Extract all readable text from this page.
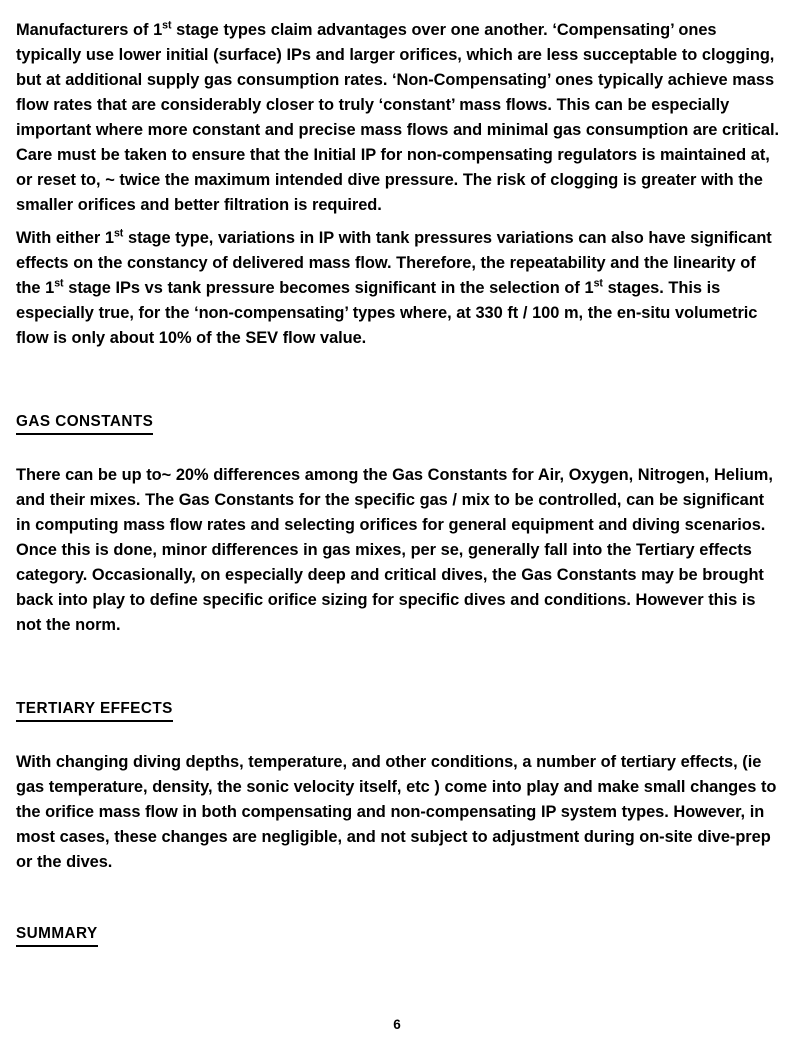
Manufacturers of 1st stage types claim advantages over one another. ‘Compensating’ ones typically use lower initial (surface) IPs and larger orifices, which are less succeptable to clogging, but at additional supply gas consumption rates. ‘Non-Compensating’ ones typically achieve mass flow rates that are considerably closer to truly ‘constant’ mass flows. This can be especially important where more constant and precise mass flows and minimal gas consumption are critical. Care must be taken to ensure that the Initial IP for non-compensating regulators is maintained at, or reset to, ~ twice the maximum intended dive pressure. The risk of clogging is greater with the smaller orifices and better filtration is required.

With either 1st stage type, variations in IP with tank pressures variations can also have significant effects on the constancy of delivered mass flow. Therefore, the repeatability and the linearity of the 1st stage IPs vs tank pressure becomes significant in the selection of 1st stages. This is especially true, for the ‘non-compensating’ types where, at 330 ft / 100 m, the en-situ volumetric flow is only about 10% of the SEV flow value.

GAS CONSTANTS

There can be up to~ 20% differences among the Gas Constants for Air, Oxygen, Nitrogen, Helium, and their mixes. The Gas Constants for the specific gas / mix to be controlled, can be significant in computing mass flow rates and selecting orifices for general equipment and diving scenarios. Once this is done, minor differences in gas mixes, per se, generally fall into the Tertiary effects category. Occasionally, on especially deep and critical dives, the Gas Constants may be brought back into play to define specific orifice sizing for specific dives and conditions. However this is not the norm.

TERTIARY EFFECTS

With changing diving depths, temperature, and other conditions, a number of tertiary effects, (ie gas temperature, density, the sonic velocity itself, etc ) come into play and make small changes to the orifice mass flow in both compensating and non-compensating IP system types. However, in most cases, these changes are negligible, and not subject to adjustment during on-site dive-prep or the dives.

SUMMARY
6
